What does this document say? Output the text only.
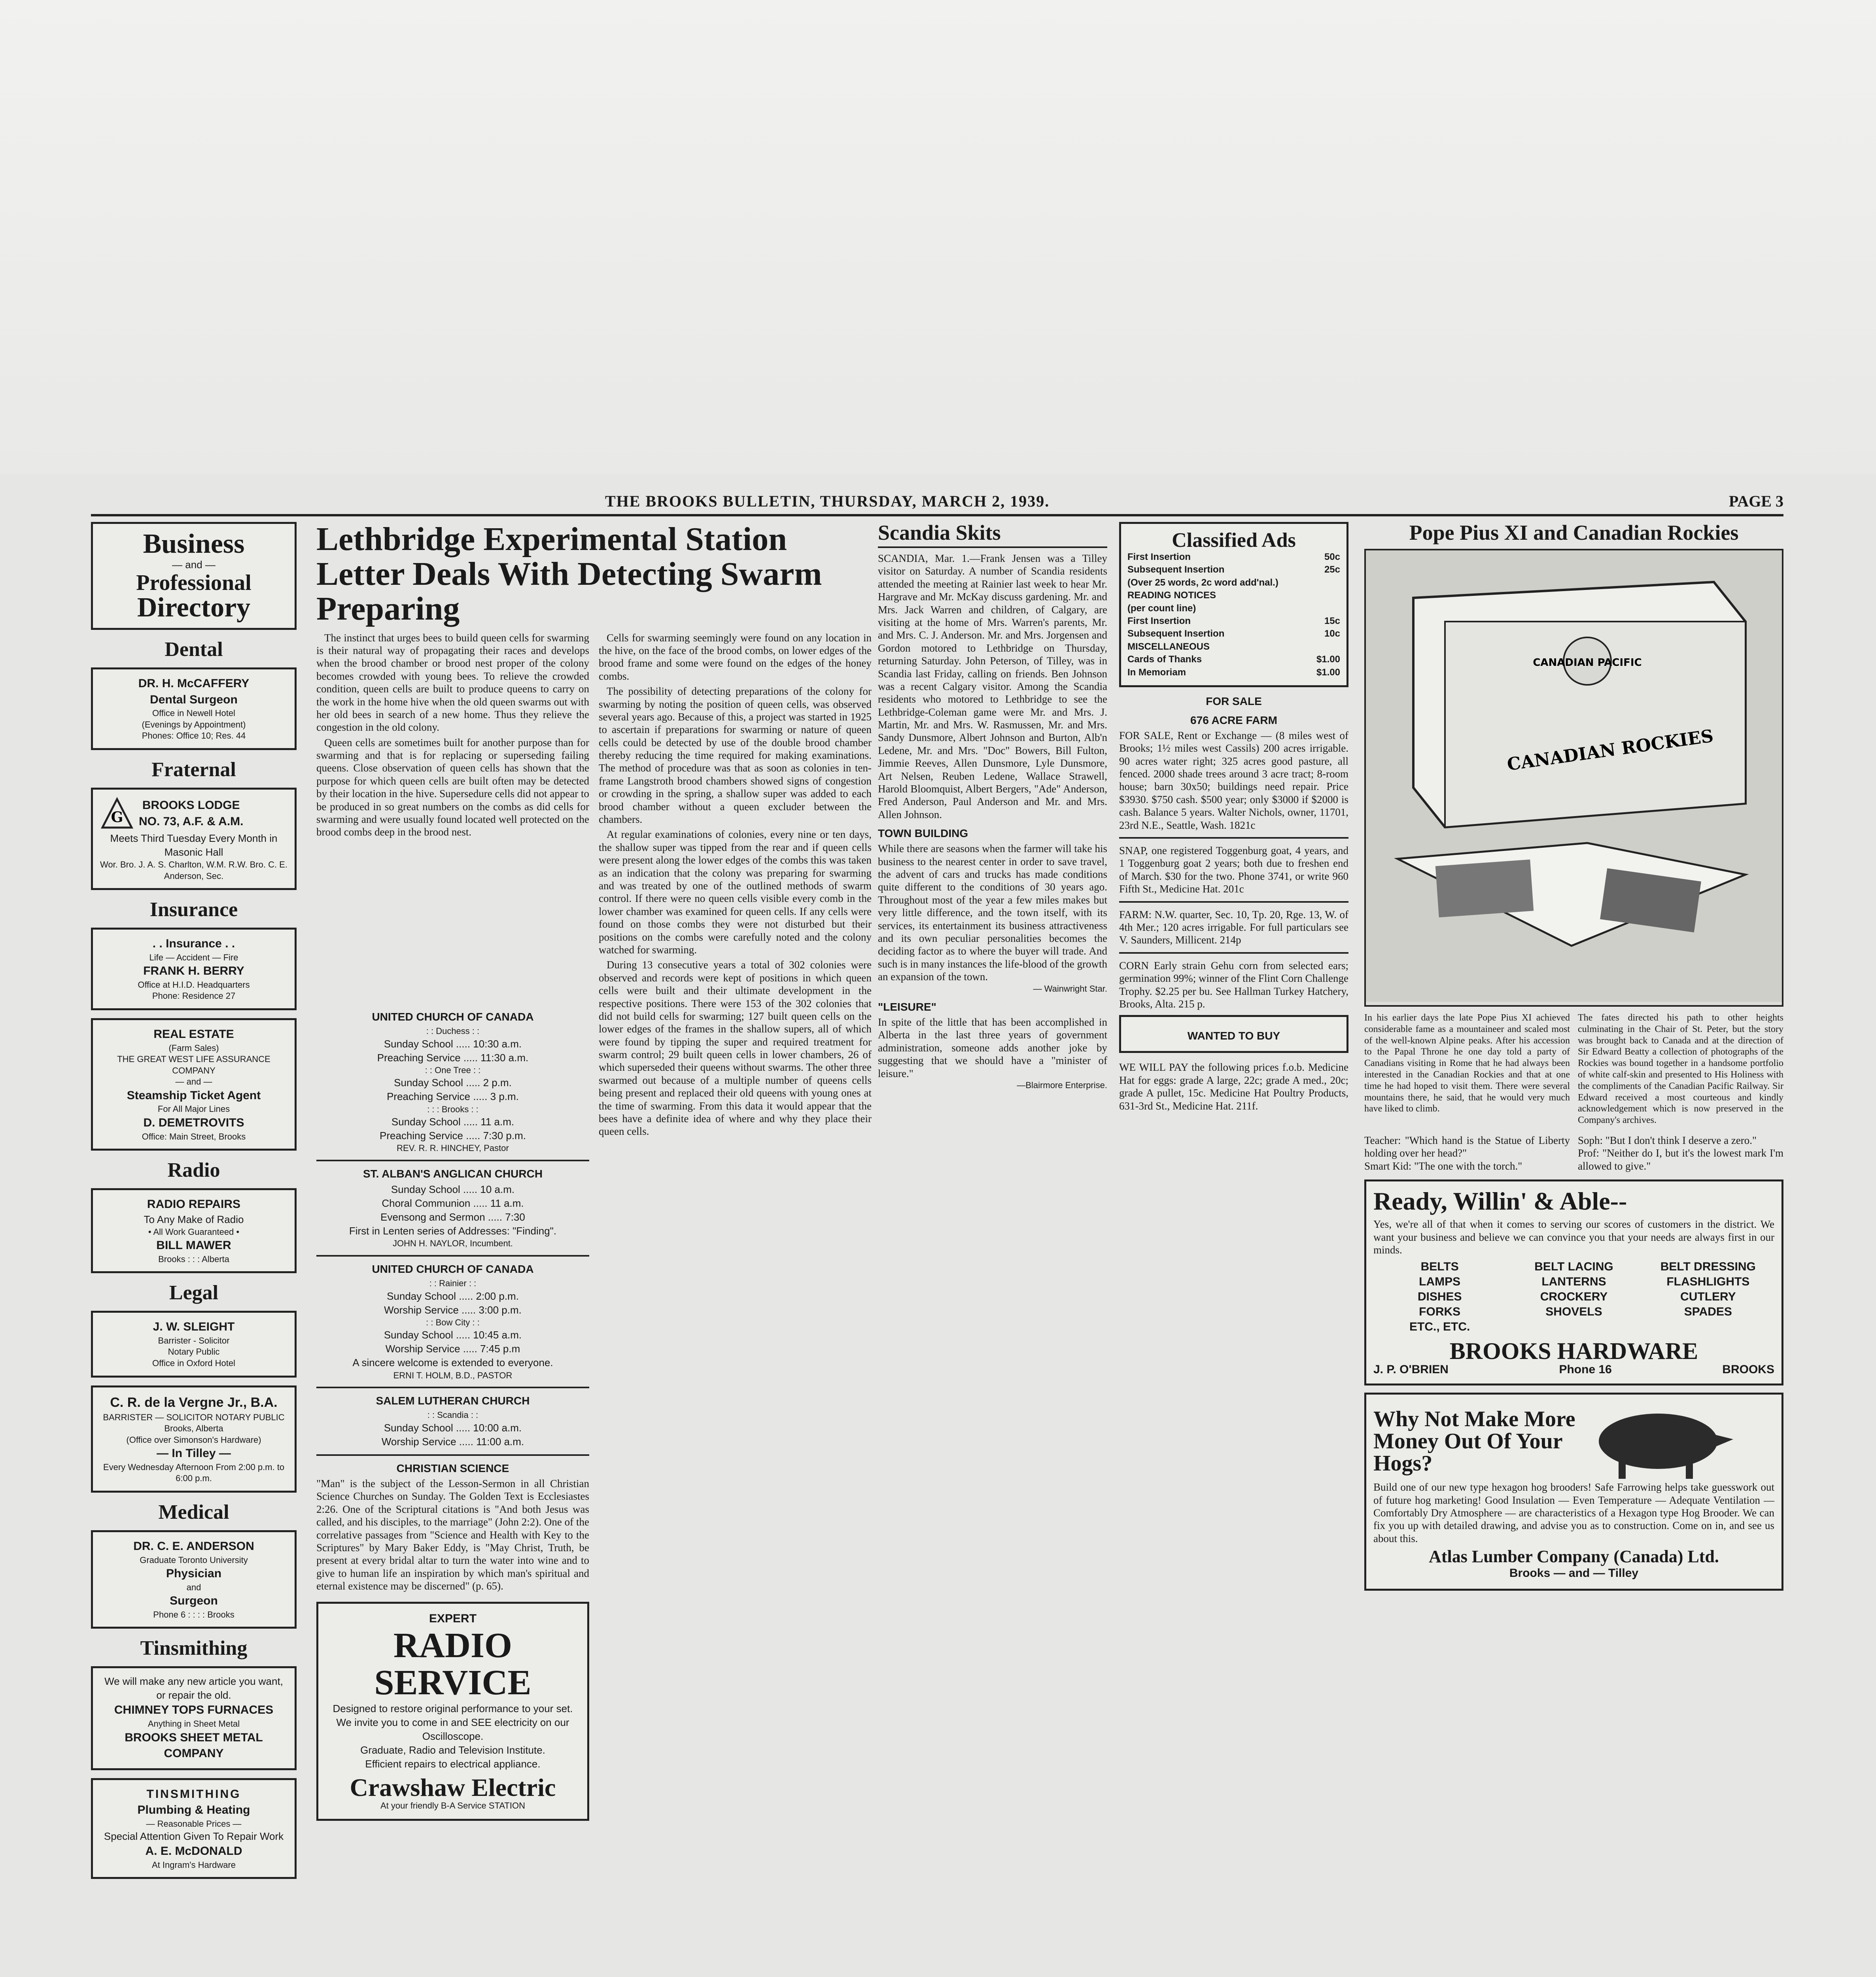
THE BROOKS BULLETIN, THURSDAY, MARCH 2, 1939.	PAGE 3
Business
— and —
Professional
Directory
Dental
DR. H. McCAFFERY
Dental Surgeon
Office in Newell Hotel
(Evenings by Appointment)
Phones: Office 10; Res. 44
Fraternal
G
BROOKS LODGE
NO. 73, A.F. & A.M.
Meets Third Tuesday Every Month in Masonic Hall
Wor. Bro. J. A. S. Charlton, W.M. R.W. Bro. C. E. Anderson, Sec.
Insurance
. . Insurance . .
Life — Accident — Fire
FRANK H. BERRY
Office at H.I.D. Headquarters
Phone: Residence 27
REAL ESTATE
(Farm Sales)
THE GREAT WEST LIFE ASSURANCE COMPANY
— and —
Steamship Ticket Agent
For All Major Lines
D. DEMETROVITS
Office: Main Street, Brooks
Radio
RADIO REPAIRS
To Any Make of Radio
• All Work Guaranteed •
BILL MAWER
Brooks : : : Alberta
Legal
J. W. SLEIGHT
Barrister - Solicitor
Notary Public
Office in Oxford Hotel
C. R. de la Vergne Jr., B.A.
BARRISTER — SOLICITOR NOTARY PUBLIC
Brooks, Alberta
(Office over Simonson's Hardware)
— In Tilley —
Every Wednesday Afternoon From 2:00 p.m. to 6:00 p.m.
Medical
DR. C. E. ANDERSON
Graduate Toronto University
Physician
and
Surgeon
Phone 6 : : : : Brooks
Tinsmithing
We will make any new article you want, or repair the old.
CHIMNEY TOPS FURNACES
Anything in Sheet Metal
BROOKS SHEET METAL COMPANY
TINSMITHING
Plumbing & Heating
— Reasonable Prices —
Special Attention Given To Repair Work
A. E. McDONALD
At Ingram's Hardware
Lethbridge Experimental Station Letter Deals With Detecting Swarm Preparing

The instinct that urges bees to build queen cells for swarming is their natural way of propagating their races and develops when the brood chamber or brood nest proper of the colony becomes crowded with young bees. To relieve the crowded condition, queen cells are built to produce queens to carry on the work in the home hive when the old queen swarms out with her old bees in search of a new home. Thus they relieve the congestion in the old colony.

Queen cells are sometimes built for another purpose than for swarming and that is for replacing or superseding failing queens. Close observation of queen cells has shown that the purpose for which queen cells are built often may be detected by their location in the hive. Supersedure cells did not appear to be produced in so great numbers on the combs as did cells for swarming and were usually found located well protected on the brood combs deep in the brood nest.

Cells for swarming seemingly were found on any location in the hive, on the face of the brood combs, on lower edges of the brood frame and some were found on the edges of the honey combs.

The possibility of detecting preparations of the colony for swarming by noting the position of queen cells, was observed several years ago. Because of this, a project was started in 1925 to ascertain if preparations for swarming or nature of queen cells could be detected by use of the double brood chamber thereby reducing the time required for making examinations. The method of procedure was that as soon as colonies in ten-frame Langstroth brood chambers showed signs of congestion or crowding in the spring, a shallow super was added to each brood chamber without a queen excluder between the chambers.

At regular examinations of colonies, every nine or ten days, the shallow super was tipped from the rear and if queen cells were present along the lower edges of the combs this was taken as an indication that the colony was preparing for swarming and was treated by one of the outlined methods of swarm control. If there were no queen cells visible every comb in the lower chamber was examined for queen cells. If any cells were found on those combs they were not disturbed but their positions on the combs were carefully noted and the colony watched for swarming.

During 13 consecutive years a total of 302 colonies were observed and records were kept of positions in which queen cells were built and their ultimate development in the respective positions. There were 153 of the 302 colonies that did not build cells for swarming; 127 built queen cells on the lower edges of the frames in the shallow supers, all of which were found by tipping the super and required treatment for swarm control; 29 built queen cells in lower chambers, 26 of which superseded their queens without swarms. The other three swarmed out because of a multiple number of queens cells being present and replaced their old queens with young ones at the time of swarming. From this data it would appear that the bees have a definite idea of where and why they place their queen cells.

UNITED CHURCH OF CANADA
: : Duchess : :
Sunday School ..... 10:30 a.m.
Preaching Service ..... 11:30 a.m.
: : One Tree : :
Sunday School ..... 2 p.m.
Preaching Service ..... 3 p.m.
: : : Brooks : :
Sunday School ..... 11 a.m.
Preaching Service ..... 7:30 p.m.
REV. R. R. HINCHEY, Pastor
ST. ALBAN'S ANGLICAN CHURCH
Sunday School ..... 10 a.m.
Choral Communion ..... 11 a.m.
Evensong and Sermon ..... 7:30
First in Lenten series of Addresses: "Finding".
JOHN H. NAYLOR, Incumbent.
UNITED CHURCH OF CANADA
: : Rainier : :
Sunday School ..... 2:00 p.m.
Worship Service ..... 3:00 p.m.
: : Bow City : :
Sunday School ..... 10:45 a.m.
Worship Service ..... 7:45 p.m
A sincere welcome is extended to everyone.
ERNI T. HOLM, B.D., PASTOR
SALEM LUTHERAN CHURCH
: : Scandia : :
Sunday School ..... 10:00 a.m.
Worship Service ..... 11:00 a.m.
CHRISTIAN SCIENCE
"Man" is the subject of the Lesson-Sermon in all Christian Science Churches on Sunday. The Golden Text is Ecclesiastes 2:26. One of the Scriptural citations is "And both Jesus was called, and his disciples, to the marriage" (John 2:2). One of the correlative passages from "Science and Health with Key to the Scriptures" by Mary Baker Eddy, is "May Christ, Truth, be present at every bridal altar to turn the water into wine and to give to human life an inspiration by which man's spiritual and eternal existence may be discerned" (p. 65).
EXPERT
RADIO
SERVICE
Designed to restore original performance to your set.
We invite you to come in and SEE electricity on our Oscilloscope.
Graduate, Radio and Television Institute.
Efficient repairs to electrical appliance.
Crawshaw Electric
At your friendly B-A Service STATION
Scandia Skits
SCANDIA, Mar. 1.—Frank Jensen was a Tilley visitor on Saturday. A number of Scandia residents attended the meeting at Rainier last week to hear Mr. Hargrave and Mr. McKay discuss gardening. Mr. and Mrs. Jack Warren and children, of Calgary, are visiting at the home of Mrs. Warren's parents, Mr. and Mrs. C. J. Anderson. Mr. and Mrs. Jorgensen and Gordon motored to Lethbridge on Thursday, returning Saturday. John Peterson, of Tilley, was in Scandia last Friday, calling on friends. Ben Johnson was a recent Calgary visitor. Among the Scandia residents who motored to Lethbridge to see the Lethbridge-Coleman game were Mr. and Mrs. J. Martin, Mr. and Mrs. W. Rasmussen, Mr. and Mrs. Sandy Dunsmore, Albert Johnson and Burton, Alb'n Ledene, Mr. and Mrs. "Doc" Bowers, Bill Fulton, Jimmie Reeves, Allen Dunsmore, Lyle Dunsmore, Art Nelsen, Reuben Ledene, Wallace Strawell, Harold Bloomquist, Albert Bergers, "Ade" Anderson, Fred Anderson, Paul Anderson and Mr. and Mrs. Allen Johnson.
TOWN BUILDING
While there are seasons when the farmer will take his business to the nearest center in order to save travel, the advent of cars and trucks has made conditions quite different to the conditions of 30 years ago. Throughout most of the year a few miles makes but very little difference, and the town itself, with its services, its entertainment its business attractiveness and its own peculiar personalities becomes the deciding factor as to where the buyer will trade. And such is in many instances the life-blood of the growth an expansion of the town.
— Wainwright Star.
"LEISURE"
In spite of the little that has been accomplished in Alberta in the last three years of government administration, someone adds another joke by suggesting that we should have a "minister of leisure."
—Blairmore Enterprise.
Classified Ads
First Insertion	50c
Subsequent Insertion	25c
(Over 25 words, 2c word add'nal.)
READING NOTICES
(per count line)
First Insertion	15c
Subsequent Insertion	10c
MISCELLANEOUS
Cards of Thanks	$1.00
In Memoriam	$1.00
FOR SALE
676 ACRE FARM
FOR SALE, Rent or Exchange — (8 miles west of Brooks; 1½ miles west Cassils) 200 acres irrigable. 90 acres water right; 325 acres good pasture, all fenced. 2000 shade trees around 3 acre tract; 8-room house; barn 30x50; buildings need repair. Price $3930. $750 cash. $500 year; only $3000 if $2000 is cash. Balance 5 years. Walter Nichols, owner, 11701, 23rd N.E., Seattle, Wash. 1821c
SNAP, one registered Toggenburg goat, 4 years, and 1 Toggenburg goat 2 years; both due to freshen end of March. $30 for the two. Phone 3741, or write 960 Fifth St., Medicine Hat. 201c
FARM: N.W. quarter, Sec. 10, Tp. 20, Rge. 13, W. of 4th Mer.; 120 acres irrigable. For full particulars see V. Saunders, Millicent. 214p
CORN Early strain Gehu corn from selected ears; germination 99%; winner of the Flint Corn Challenge Trophy. $2.25 per bu. See Hallman Turkey Hatchery, Brooks, Alta. 215 p.
WANTED TO BUY
WE WILL PAY the following prices f.o.b. Medicine Hat for eggs: grade A large, 22c; grade A med., 20c; grade A pullet, 15c. Medicine Hat Poultry Products, 631-3rd St., Medicine Hat. 211f.
Pope Pius XI and Canadian Rockies
CANADIAN PACIFIC
CANADIAN ROCKIES
In his earlier days the late Pope Pius XI achieved considerable fame as a mountaineer and scaled most of the well-known Alpine peaks. After his accession to the Papal Throne he one day told a party of Canadians visiting in Rome that he had always been interested in the Canadian Rockies and that at one time he had hoped to visit them. There were several mountains there, he said, that he would very much have liked to climb.
The fates directed his path to other heights culminating in the Chair of St. Peter, but the story was brought back to Canada and at the direction of Sir Edward Beatty a collection of photographs of the Rockies was bound together in a handsome portfolio of white calf-skin and presented to His Holiness with the compliments of the Canadian Pacific Railway. Sir Edward received a most courteous and kindly acknowledgement which is now preserved in the Company's archives.
Teacher: "Which hand is the Statue of Liberty holding over her head?"
Smart Kid: "The one with the torch."
Soph: "But I don't think I deserve a zero."
Prof: "Neither do I, but it's the lowest mark I'm allowed to give."
Ready, Willin' & Able--
Yes, we're all of that when it comes to serving our scores of customers in the district. We want your business and believe we can convince you that your needs are always first in our minds.
BELTS	BELT LACING	BELT DRESSING
LAMPS	LANTERNS	FLASHLIGHTS
DISHES	CROCKERY	CUTLERY
FORKS	SHOVELS	SPADES
ETC., ETC.
BROOKS HARDWARE
J. P. O'BRIEN	Phone 16	BROOKS
Why Not Make More Money Out Of Your Hogs?
Build one of our new type hexagon hog brooders! Safe Farrowing helps take guesswork out of future hog marketing! Good Insulation — Even Temperature — Adequate Ventilation — Comfortably Dry Atmosphere — are characteristics of a Hexagon type Hog Brooder. We can fix you up with detailed drawing, and advise you as to construction. Come on in, and see us about this.
Atlas Lumber Company (Canada) Ltd.
Brooks — and — Tilley
